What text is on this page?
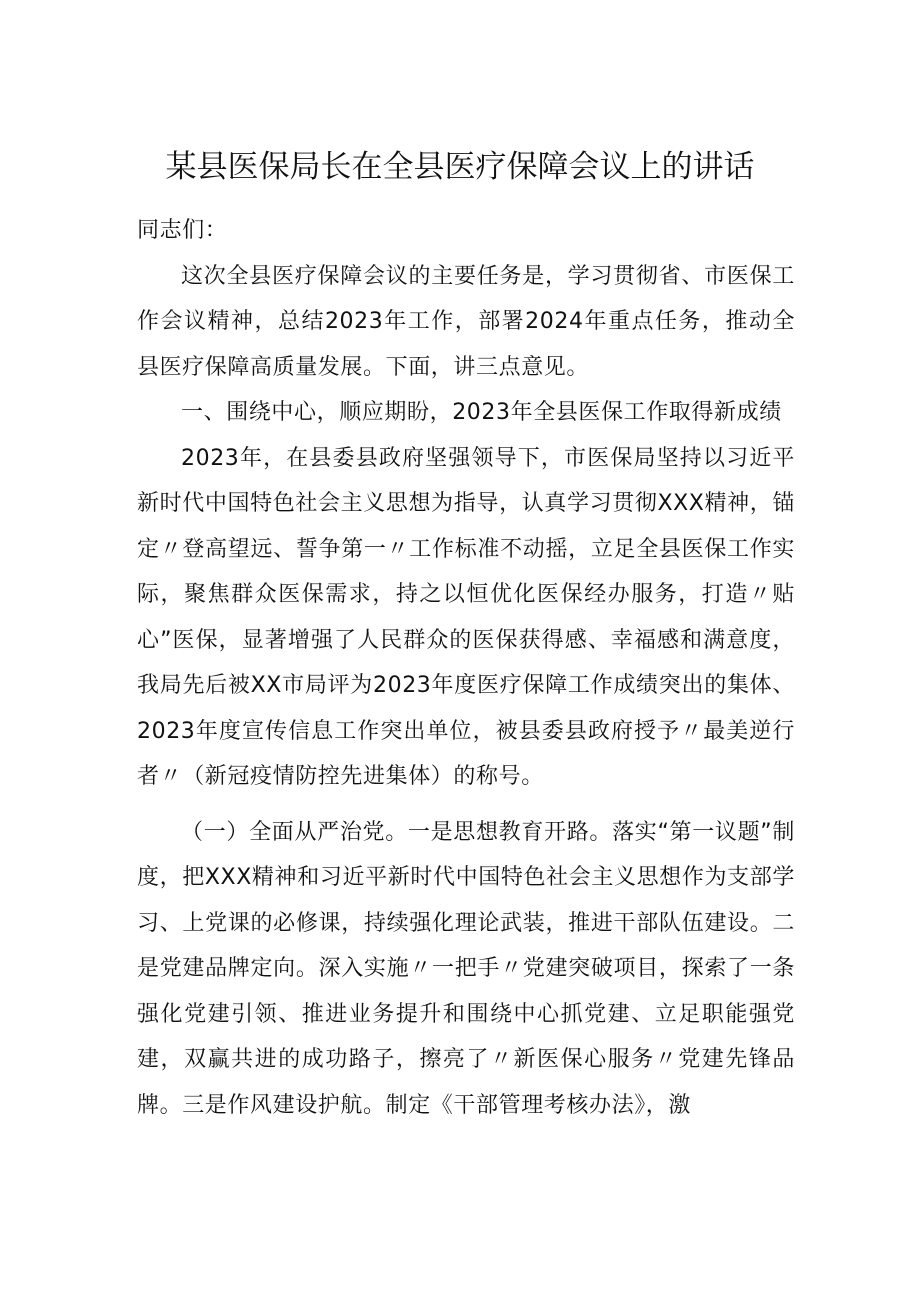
某县医保局长在全县医疗保障会议上的讲话

同志们：

这次全县医疗保障会议的主要任务是，学习贯彻省、市医保工作会议精神，总结2023年工作，部署2024年重点任务，推动全县医疗保障高质量发展。下面，讲三点意见。

一、围绕中心，顺应期盼，2023年全县医保工作取得新成绩

2023年，在县委县政府坚强领导下，市医保局坚持以习近平新时代中国特色社会主义思想为指导，认真学习贯彻XXX精神，锚定〃登高望远、誓争第一〃工作标准不动摇，立足全县医保工作实际，聚焦群众医保需求，持之以恒优化医保经办服务，打造〃贴心”医保，显著增强了人民群众的医保获得感、幸福感和满意度，我局先后被XX市局评为2023年度医疗保障工作成绩突出的集体、2023年度宣传信息工作突出单位，被县委县政府授予〃最美逆行者〃（新冠疫情防控先进集体）的称号。

（一）全面从严治党。一是思想教育开路。落实“第一议题”制度，把XXX精神和习近平新时代中国特色社会主义思想作为支部学习、上党课的必修课，持续强化理论武装，推进干部队伍建设。二是党建品牌定向。深入实施〃一把手〃党建突破项目，探索了一条强化党建引领、推进业务提升和围绕中心抓党建、立足职能强党建，双赢共进的成功路子，擦亮了〃新医保心服务〃党建先锋品牌。三是作风建设护航。制定《干部管理考核办法》，激
